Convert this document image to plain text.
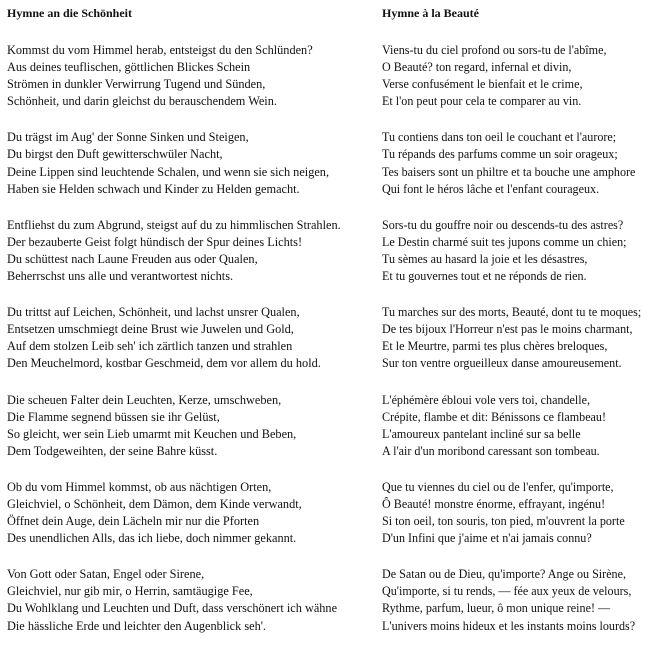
Hymne an die Schönheit
Kommst du vom Himmel herab, entsteigst du den Schlünden?
Aus deines teuflischen, göttlichen Blickes Schein
Strömen in dunkler Verwirrung Tugend und Sünden,
Schönheit, und darin gleichst du berauschendem Wein.
Du trägst im Aug' der Sonne Sinken und Steigen,
Du birgst den Duft gewitterschwüler Nacht,
Deine Lippen sind leuchtende Schalen, und wenn sie sich neigen,
Haben sie Helden schwach und Kinder zu Helden gemacht.
Entfliehst du zum Abgrund, steigst auf du zu himmlischen Strahlen.
Der bezauberte Geist folgt hündisch der Spur deines Lichts!
Du schüttest nach Laune Freuden aus oder Qualen,
Beherrschst uns alle und verantwortest nichts.
Du trittst auf Leichen, Schönheit, und lachst unsrer Qualen,
Entsetzen umschmiegt deine Brust wie Juwelen und Gold,
Auf dem stolzen Leib seh' ich zärtlich tanzen und strahlen
Den Meuchelmord, kostbar Geschmeid, dem vor allem du hold.
Die scheuen Falter dein Leuchten, Kerze, umschweben,
Die Flamme segnend büssen sie ihr Gelüst,
So gleicht, wer sein Lieb umarmt mit Keuchen und Beben,
Dem Todgeweihten, der seine Bahre küsst.
Ob du vom Himmel kommst, ob aus nächtigen Orten,
Gleichviel, o Schönheit, dem Dämon, dem Kinde verwandt,
Öffnet dein Auge, dein Lächeln mir nur die Pforten
Des unendlichen Alls, das ich liebe, doch nimmer gekannt.
Von Gott oder Satan, Engel oder Sirene,
Gleichviel, nur gib mir, o Herrin, samtäugige Fee,
Du Wohlklang und Leuchten und Duft, dass verschönert ich wähne
Die hässliche Erde und leichter den Augenblick seh'.
Hymne à la Beauté
Viens-tu du ciel profond ou sors-tu de l'abîme,
O Beauté? ton regard, infernal et divin,
Verse confusément le bienfait et le crime,
Et l'on peut pour cela te comparer au vin.
Tu contiens dans ton oeil le couchant et l'aurore;
Tu répands des parfums comme un soir orageux;
Tes baisers sont un philtre et ta bouche une amphore
Qui font le héros lâche et l'enfant courageux.
Sors-tu du gouffre noir ou descends-tu des astres?
Le Destin charmé suit tes jupons comme un chien;
Tu sèmes au hasard la joie et les désastres,
Et tu gouvernes tout et ne réponds de rien.
Tu marches sur des morts, Beauté, dont tu te moques;
De tes bijoux l'Horreur n'est pas le moins charmant,
Et le Meurtre, parmi tes plus chères breloques,
Sur ton ventre orgueilleux danse amoureusement.
L'éphémère ébloui vole vers toi, chandelle,
Crépite, flambe et dit: Bénissons ce flambeau!
L'amoureux pantelant incliné sur sa belle
A l'air d'un moribond caressant son tombeau.
Que tu viennes du ciel ou de l'enfer, qu'importe,
Ô Beauté! monstre énorme, effrayant, ingénu!
Si ton oeil, ton souris, ton pied, m'ouvrent la porte
D'un Infini que j'aime et n'ai jamais connu?
De Satan ou de Dieu, qu'importe? Ange ou Sirène,
Qu'importe, si tu rends, — fée aux yeux de velours,
Rythme, parfum, lueur, ô mon unique reine! —
L'univers moins hideux et les instants moins lourds?
